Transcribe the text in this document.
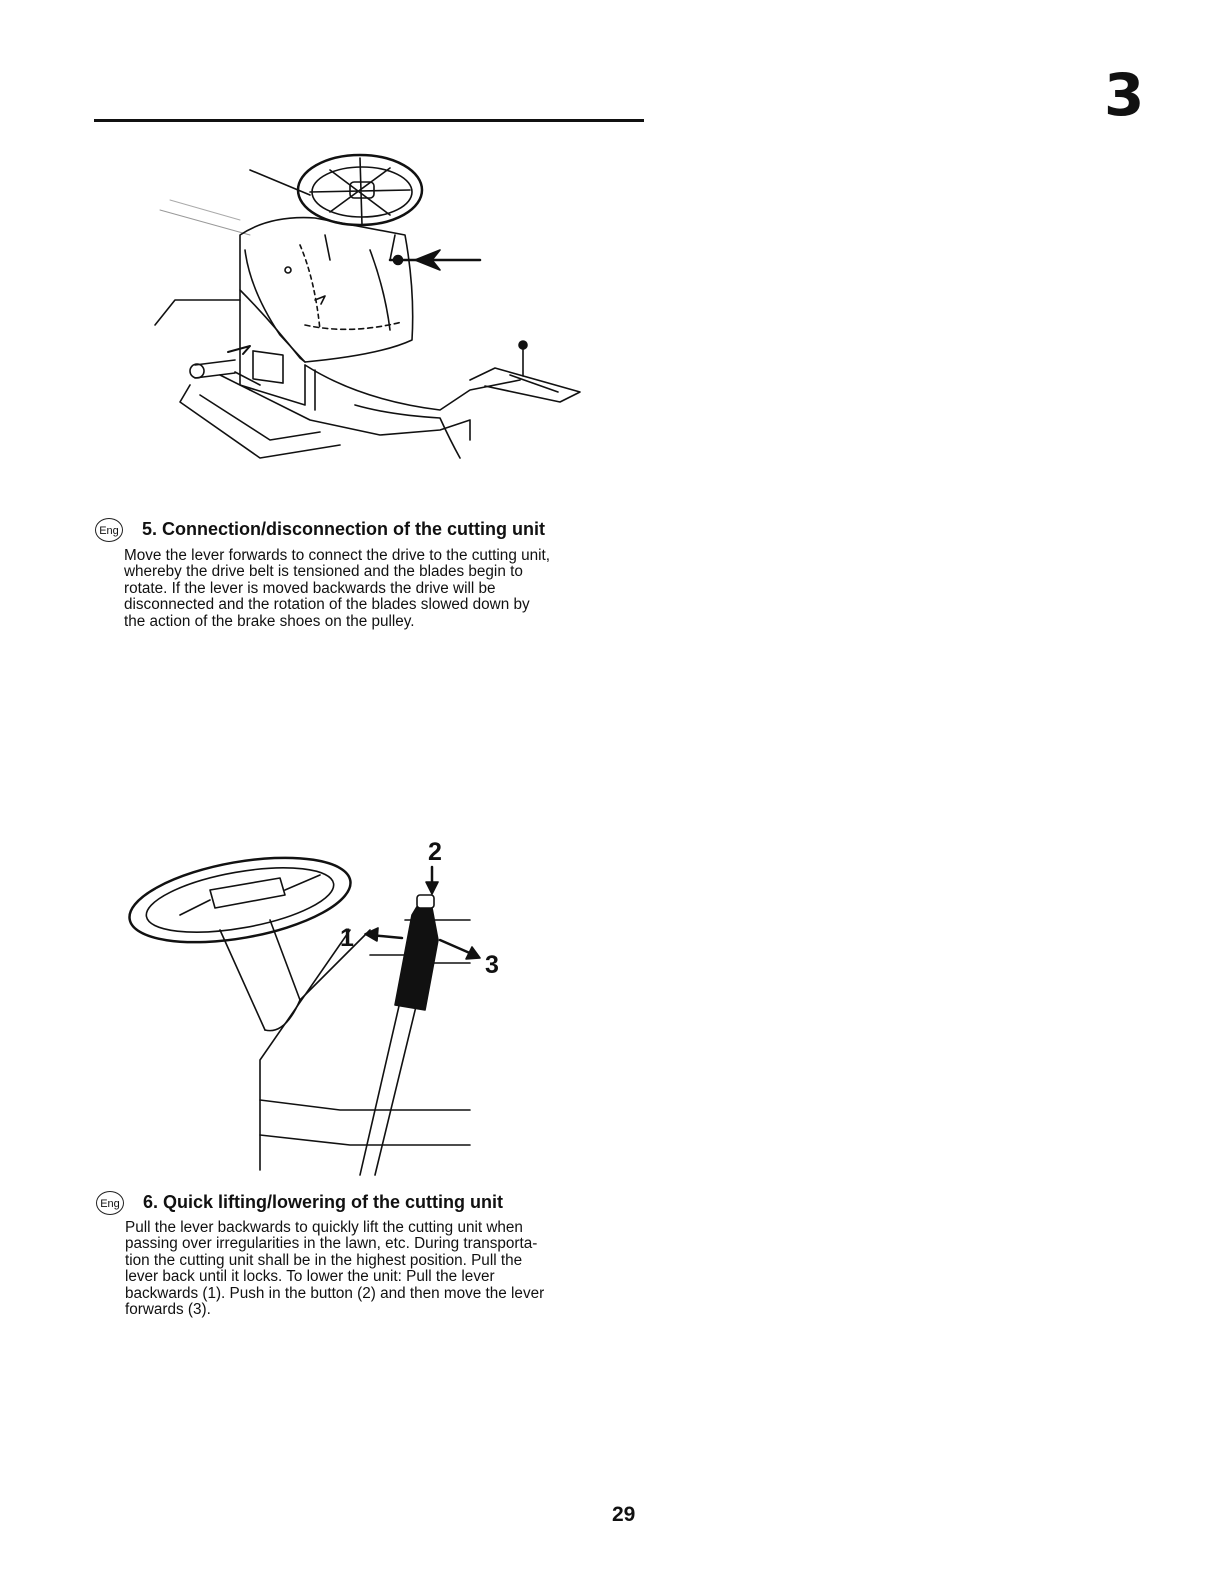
3
Eng 5. Connection/disconnection of the cutting unit
Move the lever forwards to connect the drive to the cutting unit,
whereby the drive belt is tensioned and the blades begin to
rotate. If the lever is moved backwards the drive will be
disconnected and the rotation of the blades slowed down by
the action of the brake shoes on the pulley.
2
1
3
Eng 6. Quick lifting/lowering of the cutting unit
Pull the lever backwards to quickly lift the cutting unit when
passing over irregularities in the lawn, etc. During transporta-
tion the cutting unit shall be in the highest position. Pull the
lever back until it locks. To lower the unit: Pull the lever
backwards (1). Push in the button (2) and then move the lever
forwards (3).
29
